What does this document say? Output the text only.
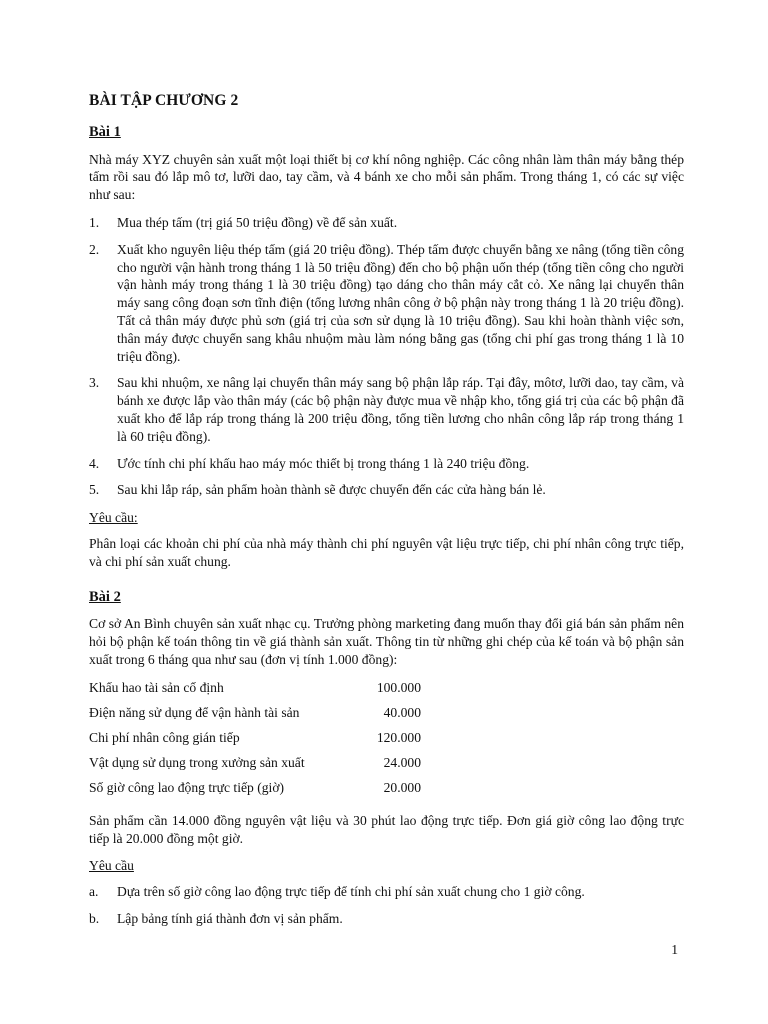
BÀI TẬP CHƯƠNG 2
Bài 1

Nhà máy XYZ chuyên sản xuất một loại thiết bị cơ khí nông nghiệp. Các công nhân làm thân máy bằng thép tấm rồi sau đó lắp mô tơ, lưỡi dao, tay cầm, và 4 bánh xe cho mỗi sản phẩm. Trong tháng 1, có các sự việc như sau:

1. Mua thép tấm (trị giá 50 triệu đồng) về để sản xuất.
2. Xuất kho nguyên liệu thép tấm (giá 20 triệu đồng). Thép tấm được chuyển bằng xe nâng (tổng tiền công cho người vận hành trong tháng 1 là 50 triệu đồng) đến cho bộ phận uốn thép (tổng tiền công cho người vận hành máy trong tháng 1 là 30 triệu đồng) tạo dáng cho thân máy cắt cỏ. Xe nâng lại chuyển thân máy sang công đoạn sơn tĩnh điện (tổng lương nhân công ở bộ phận này trong tháng 1 là 20 triệu đồng). Tất cả thân máy được phủ sơn (giá trị của sơn sử dụng là 10 triệu đồng). Sau khi hoàn thành việc sơn, thân máy được chuyển sang khâu nhuộm màu làm nóng bằng gas (tổng chi phí gas trong tháng 1 là 10 triệu đồng).
3. Sau khi nhuộm, xe nâng lại chuyển thân máy sang bộ phận lắp ráp. Tại đây, môtơ, lưỡi dao, tay cầm, và bánh xe được lắp vào thân máy (các bộ phận này được mua về nhập kho, tổng giá trị của các bộ phận đã xuất kho để lắp ráp trong tháng là 200 triệu đồng, tổng tiền lương cho nhân công lắp ráp trong tháng 1 là 60 triệu đồng).
4. Ước tính chi phí khấu hao máy móc thiết bị trong tháng 1 là 240 triệu đồng.
5. Sau khi lắp ráp, sản phẩm hoàn thành sẽ được chuyển đến các cửa hàng bán lẻ.
Yêu cầu:

Phân loại các khoản chi phí của nhà máy thành chi phí nguyên vật liệu trực tiếp, chi phí nhân công trực tiếp, và chi phí sản xuất chung.

Bài 2

Cơ sở An Bình chuyên sản xuất nhạc cụ. Trưởng phòng marketing đang muốn thay đổi giá bán sản phẩm nên hỏi bộ phận kế toán thông tin về giá thành sản xuất. Thông tin từ những ghi chép của kế toán và bộ phận sản xuất trong 6 tháng qua như sau (đơn vị tính 1.000 đồng):

Khấu hao tài sản cố định	100.000
Điện năng sử dụng để vận hành tài sản	40.000
Chi phí nhân công gián tiếp	120.000
Vật dụng sử dụng trong xưởng sản xuất	24.000
Số giờ công lao động trực tiếp (giờ)	20.000

Sản phẩm cần 14.000 đồng nguyên vật liệu và 30 phút lao động trực tiếp. Đơn giá giờ công lao động trực tiếp là 20.000 đồng một giờ.

Yêu cầu
a. Dựa trên số giờ công lao động trực tiếp để tính chi phí sản xuất chung cho 1 giờ công.
b. Lập bảng tính giá thành đơn vị sản phẩm.
1
